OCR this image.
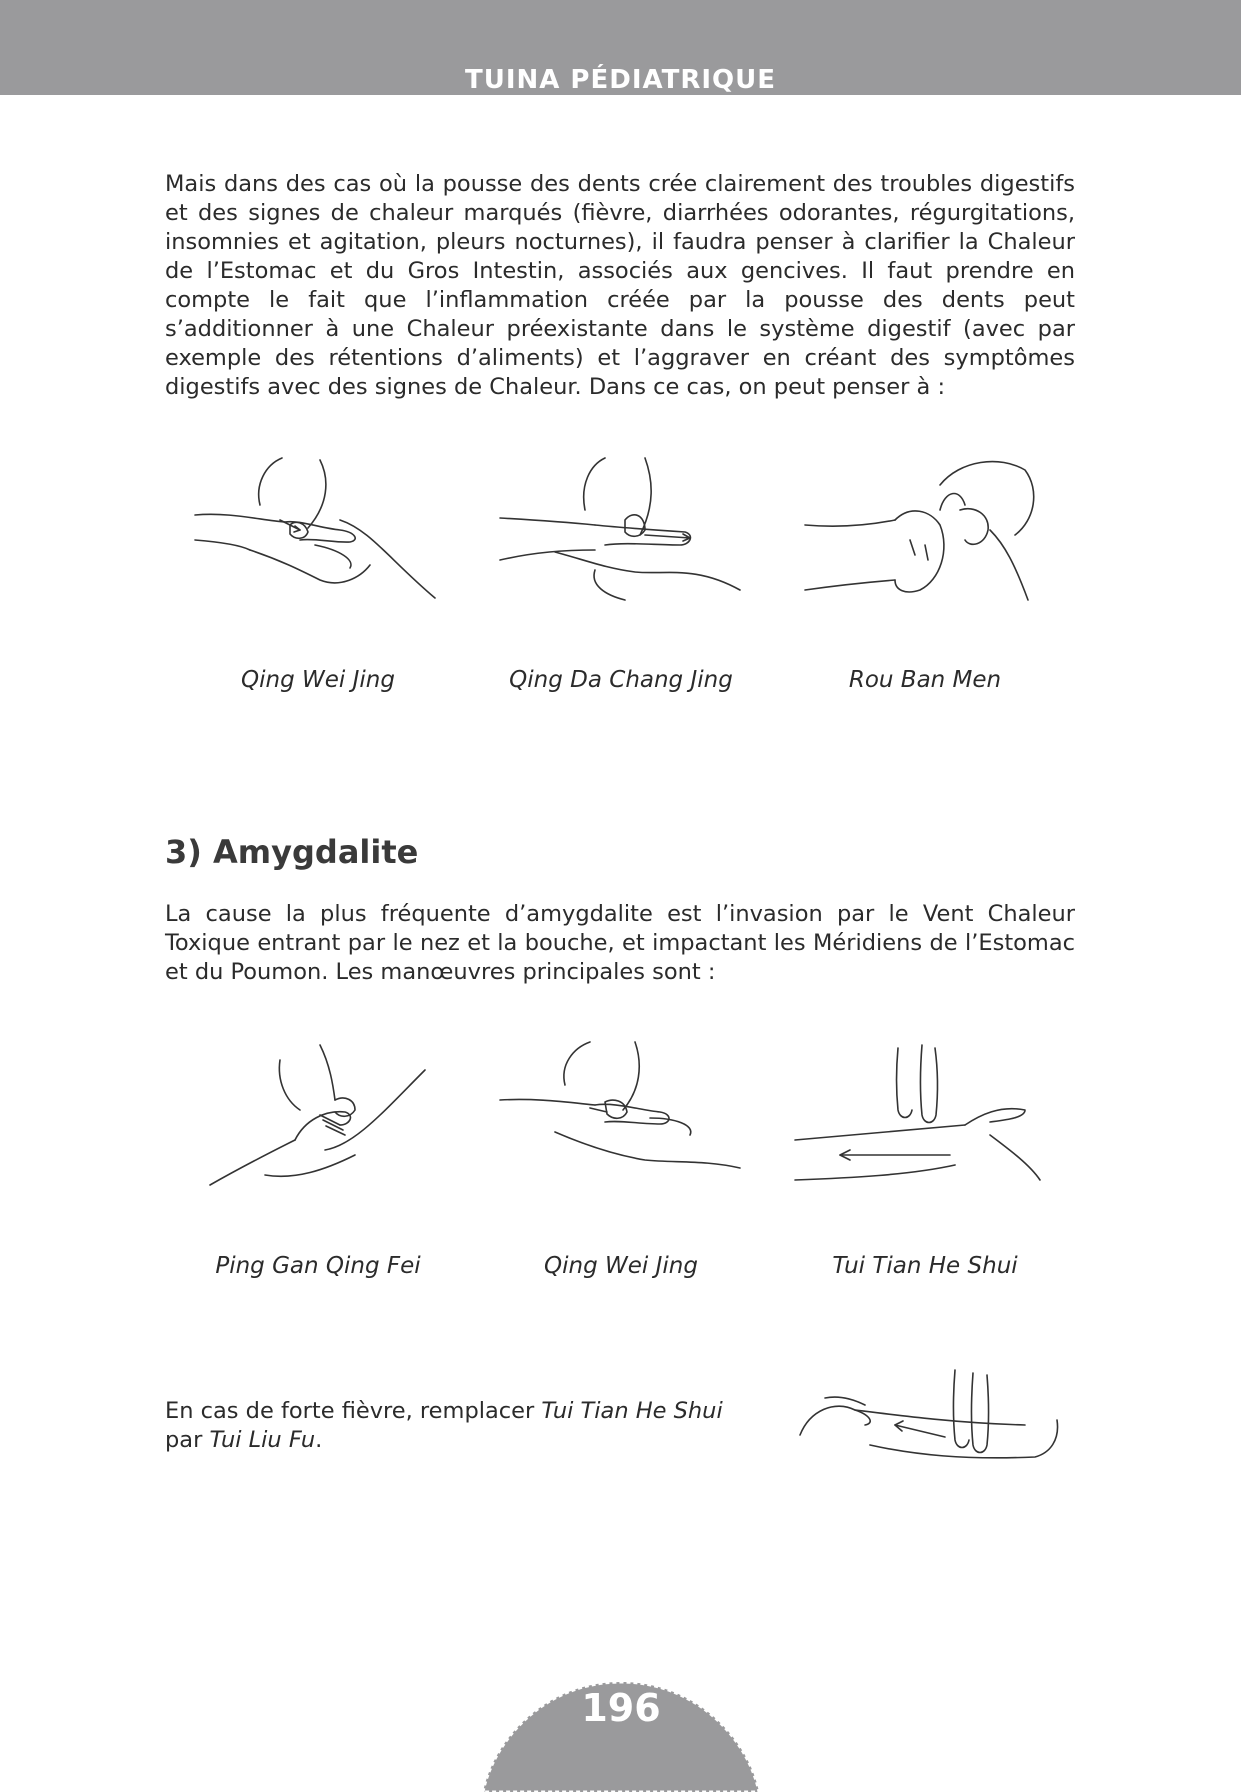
TUINA PÉDIATRIQUE

Mais dans des cas où la pousse des dents crée clairement des troubles digestifs et des signes de chaleur marqués (fièvre, diarrhées odorantes, régurgitations, insomnies et agitation, pleurs nocturnes), il faudra penser à clarifier la Chaleur de l’Estomac et du Gros Intestin, associés aux gencives. Il faut prendre en compte le fait que l’inflammation créée par la pousse des dents peut s’additionner à une Chaleur préexistante dans le système digestif (avec par exemple des rétentions d’aliments) et l’aggraver en créant des symptômes digestifs avec des signes de Chaleur. Dans ce cas, on peut penser à :

Qing Wei Jing	Qing Da Chang Jing	Rou Ban Men
3) Amygdalite

La cause la plus fréquente d’amygdalite est l’invasion par le Vent Chaleur Toxique entrant par le nez et la bouche, et impactant les Méridiens de l’Estomac et du Poumon. Les manœuvres principales sont :

Ping Gan Qing Fei	Qing Wei Jing	Tui Tian He Shui

En cas de forte fièvre, remplacer Tui Tian He Shui par Tui Liu Fu.

196
